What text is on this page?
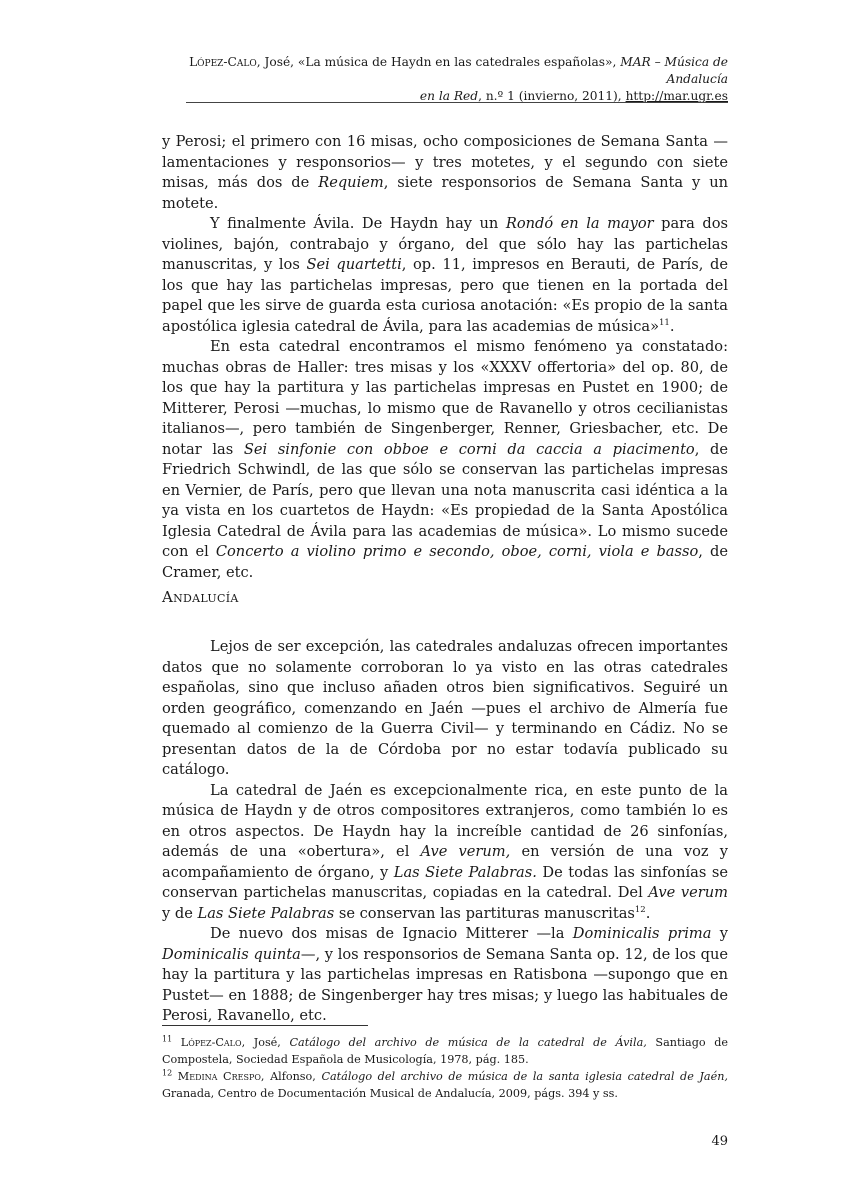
López-Calo, José, «La música de Haydn en las catedrales españolas», MAR – Música de Andalucía
en la Red, n.º 1 (invierno, 2011), http://mar.ugr.es

y Perosi; el primero con 16 misas, ocho composiciones de Semana Santa —lamentaciones y responsorios— y tres motetes, y el segundo con siete misas, más dos de Requiem, siete responsorios de Semana Santa y un motete.

Y finalmente Ávila. De Haydn hay un Rondó en la mayor para dos violines, bajón, contrabajo y órgano, del que sólo hay las partichelas manuscritas, y los Sei quartetti, op. 11, impresos en Berauti, de París, de los que hay las partichelas impresas, pero que tienen en la portada del papel que les sirve de guarda esta curiosa anotación: «Es propio de la santa apostólica iglesia catedral de Ávila, para las academias de música»$^{11}$.

En esta catedral encontramos el mismo fenómeno ya constatado: muchas obras de Haller: tres misas y los «XXXV offertoria» del op. 80, de los que hay la partitura y las partichelas impresas en Pustet en 1900; de Mitterer, Perosi —muchas, lo mismo que de Ravanello y otros cecilianistas italianos—, pero también de Singenberger, Renner, Griesbacher, etc. De notar las Sei sinfonie con obboe e corni da caccia a piacimento, de Friedrich Schwindl, de las que sólo se conservan las partichelas impresas en Vernier, de París, pero que llevan una nota manuscrita casi idéntica a la ya vista en los cuartetos de Haydn: «Es propiedad de la Santa Apostólica Iglesia Catedral de Ávila para las academias de música». Lo mismo sucede con el Concerto a violino primo e secondo, oboe, corni, viola e basso, de Cramer, etc.

Andalucía

Lejos de ser excepción, las catedrales andaluzas ofrecen importantes datos que no solamente corroboran lo ya visto en las otras catedrales españolas, sino que incluso añaden otros bien significativos. Seguiré un orden geográfico, comenzando en Jaén —pues el archivo de Almería fue quemado al comienzo de la Guerra Civil— y terminando en Cádiz. No se presentan datos de la de Córdoba por no estar todavía publicado su catálogo.

La catedral de Jaén es excepcionalmente rica, en este punto de la música de Haydn y de otros compositores extranjeros, como también lo es en otros aspectos. De Haydn hay la increíble cantidad de 26 sinfonías, además de una «obertura», el Ave verum, en versión de una voz y acompañamiento de órgano, y Las Siete Palabras. De todas las sinfonías se conservan partichelas manuscritas, copiadas en la catedral. Del Ave verum y de Las Siete Palabras se conservan las partituras manuscritas$^{12}$.

De nuevo dos misas de Ignacio Mitterer —la Dominicalis prima y Dominicalis quinta—, y los responsorios de Semana Santa op. 12, de los que hay la partitura y las partichelas impresas en Ratisbona —supongo que en Pustet— en 1888; de Singenberger hay tres misas; y luego las habituales de Perosi, Ravanello, etc.

$^{11}$ López-Calo, José, Catálogo del archivo de música de la catedral de Ávila, Santiago de Compostela, Sociedad Española de Musicología, 1978, pág. 185.

$^{12}$ Medina Crespo, Alfonso, Catálogo del archivo de música de la santa iglesia catedral de Jaén, Granada, Centro de Documentación Musical de Andalucía, 2009, págs. 394 y ss.

49
